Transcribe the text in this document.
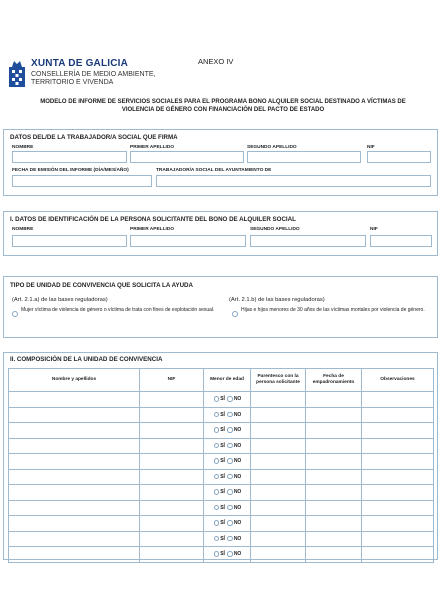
XUNTA DE GALICIA
CONSELLERÍA DE MEDIO AMBIENTE,
TERRITORIO E VIVENDA
ANEXO IV
MODELO DE INFORME DE SERVICIOS SOCIALES PARA EL PROGRAMA BONO ALQUILER SOCIAL DESTINADO A VÍCTIMAS DE
VIOLENCIA DE GÉNERO CON FINANCIACIÓN DEL PACTO DE ESTADO
DATOS DEL/DE LA TRABAJADOR/A SOCIAL QUE FIRMA
NOMBRE	PRIMER APELLIDO	SEGUNDO APELLIDO	NIF
FECHA DE EMISIÓN DEL INFORME (DÍA/MES/AÑO)	TRABAJADOR/A SOCIAL DEL AYUNTAMIENTO DE
I. DATOS DE IDENTIFICACIÓN DE LA PERSONA SOLICITANTE DEL BONO DE ALQUILER SOCIAL
NOMBRE	PRIMER APELLIDO	SEGUNDO APELLIDO	NIF
TIPO DE UNIDAD DE CONVIVENCIA QUE SOLICITA LA AYUDA
(Art. 2.1.a) de las bases reguladoras)	(Art. 2.1.b) de las bases reguladoras)
Mujer víctima de violencia de género o víctima de trata con fines de explotación sexual.	Hijas e hijos menores de 30 años de las víctimas mortales por violencia de género.
II. COMPOSICIÓN DE LA UNIDAD DE CONVIVENCIA
Nombre y apellidos	NIF	Menor de edad	Parentesco con la persona solicitante	Fecha de empadronamiento	Observaciones
		SÍ NO			
		SÍ NO			
		SÍ NO			
		SÍ NO			
		SÍ NO			
		SÍ NO			
		SÍ NO			
		SÍ NO			
		SÍ NO			
		SÍ NO			
		SÍ NO			
